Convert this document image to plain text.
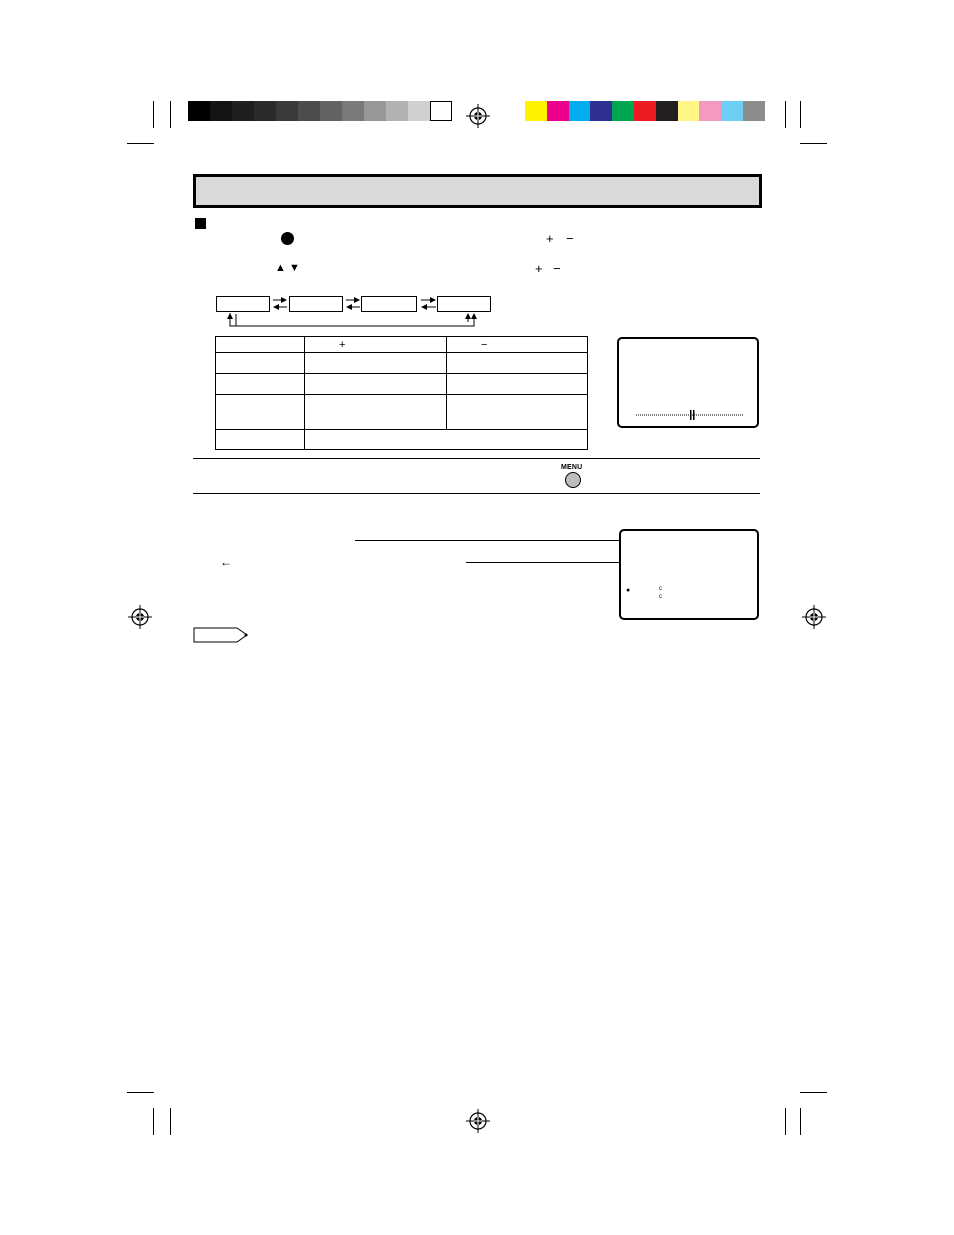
+ −
▲ ▼	+ −
	+	−

MENU
←
●	c
c
